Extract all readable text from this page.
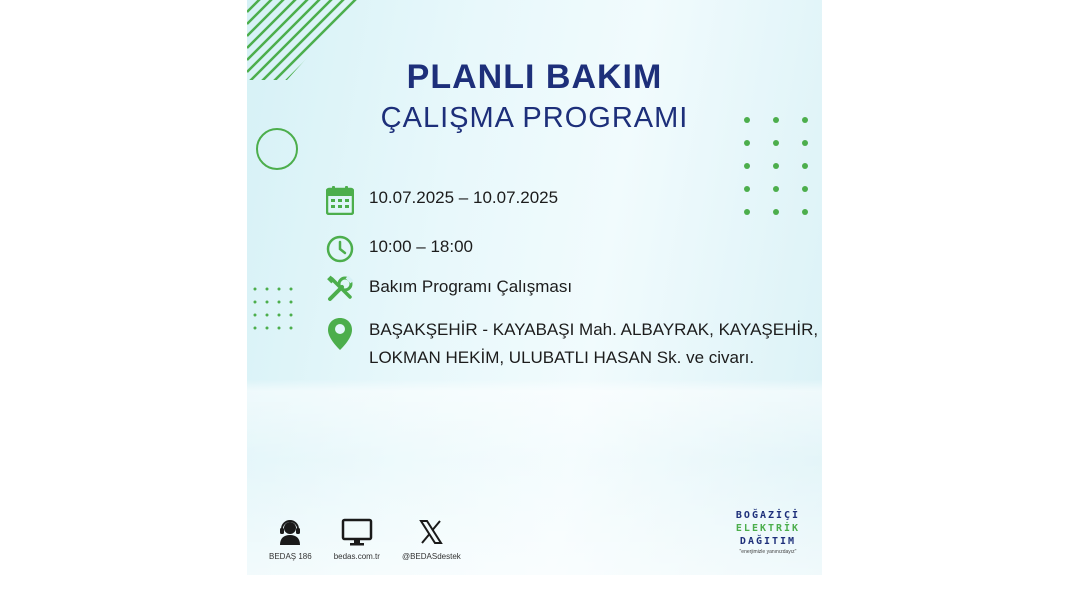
PLANLI BAKIM
ÇALIŞMA PROGRAMI
10.07.2025 – 10.07.2025
10:00 – 18:00
Bakım Programı Çalışması
BAŞAKŞEHİR - KAYABAŞI Mah. ALBAYRAK, KAYAŞEHİR,
LOKMAN HEKİM, ULUBATLI HASAN Sk. ve civarı.
BEDAŞ 186	bedas.com.tr	@BEDASdestek
BOĞAZİÇİ
ELEKTRİK
DAĞITIM
"enerjimizle yanınızdayız"
